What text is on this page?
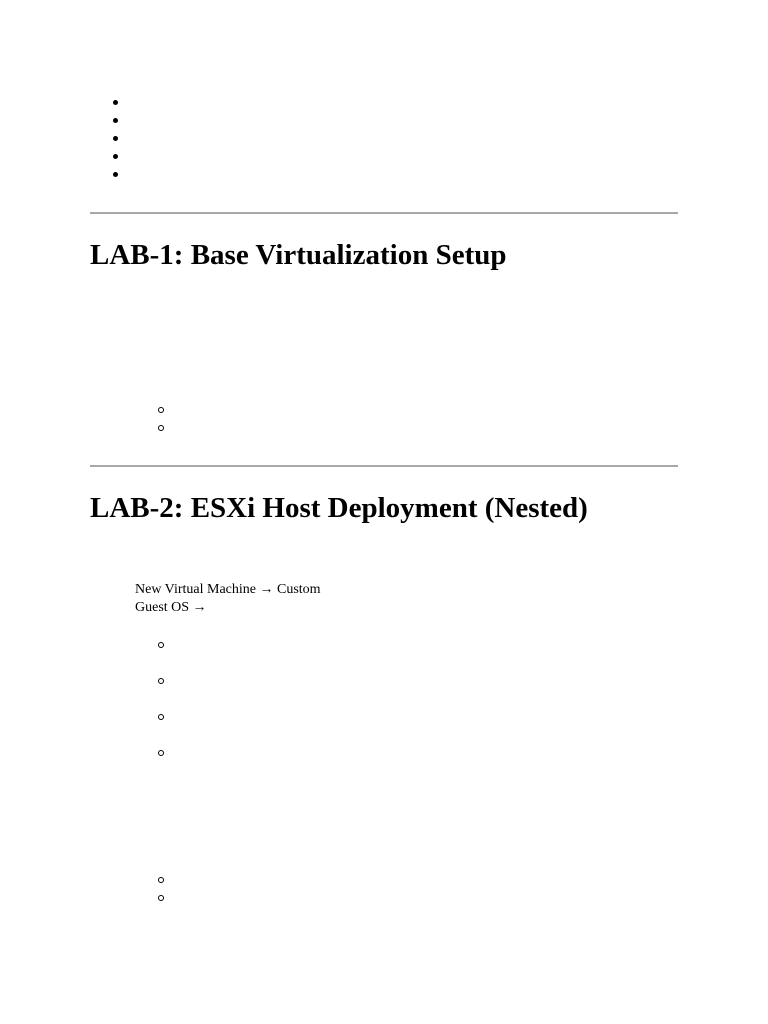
LAB-1: Base Virtualization Setup
LAB-2: ESXi Host Deployment (Nested)
New Virtual Machine → Custom
Guest OS →
